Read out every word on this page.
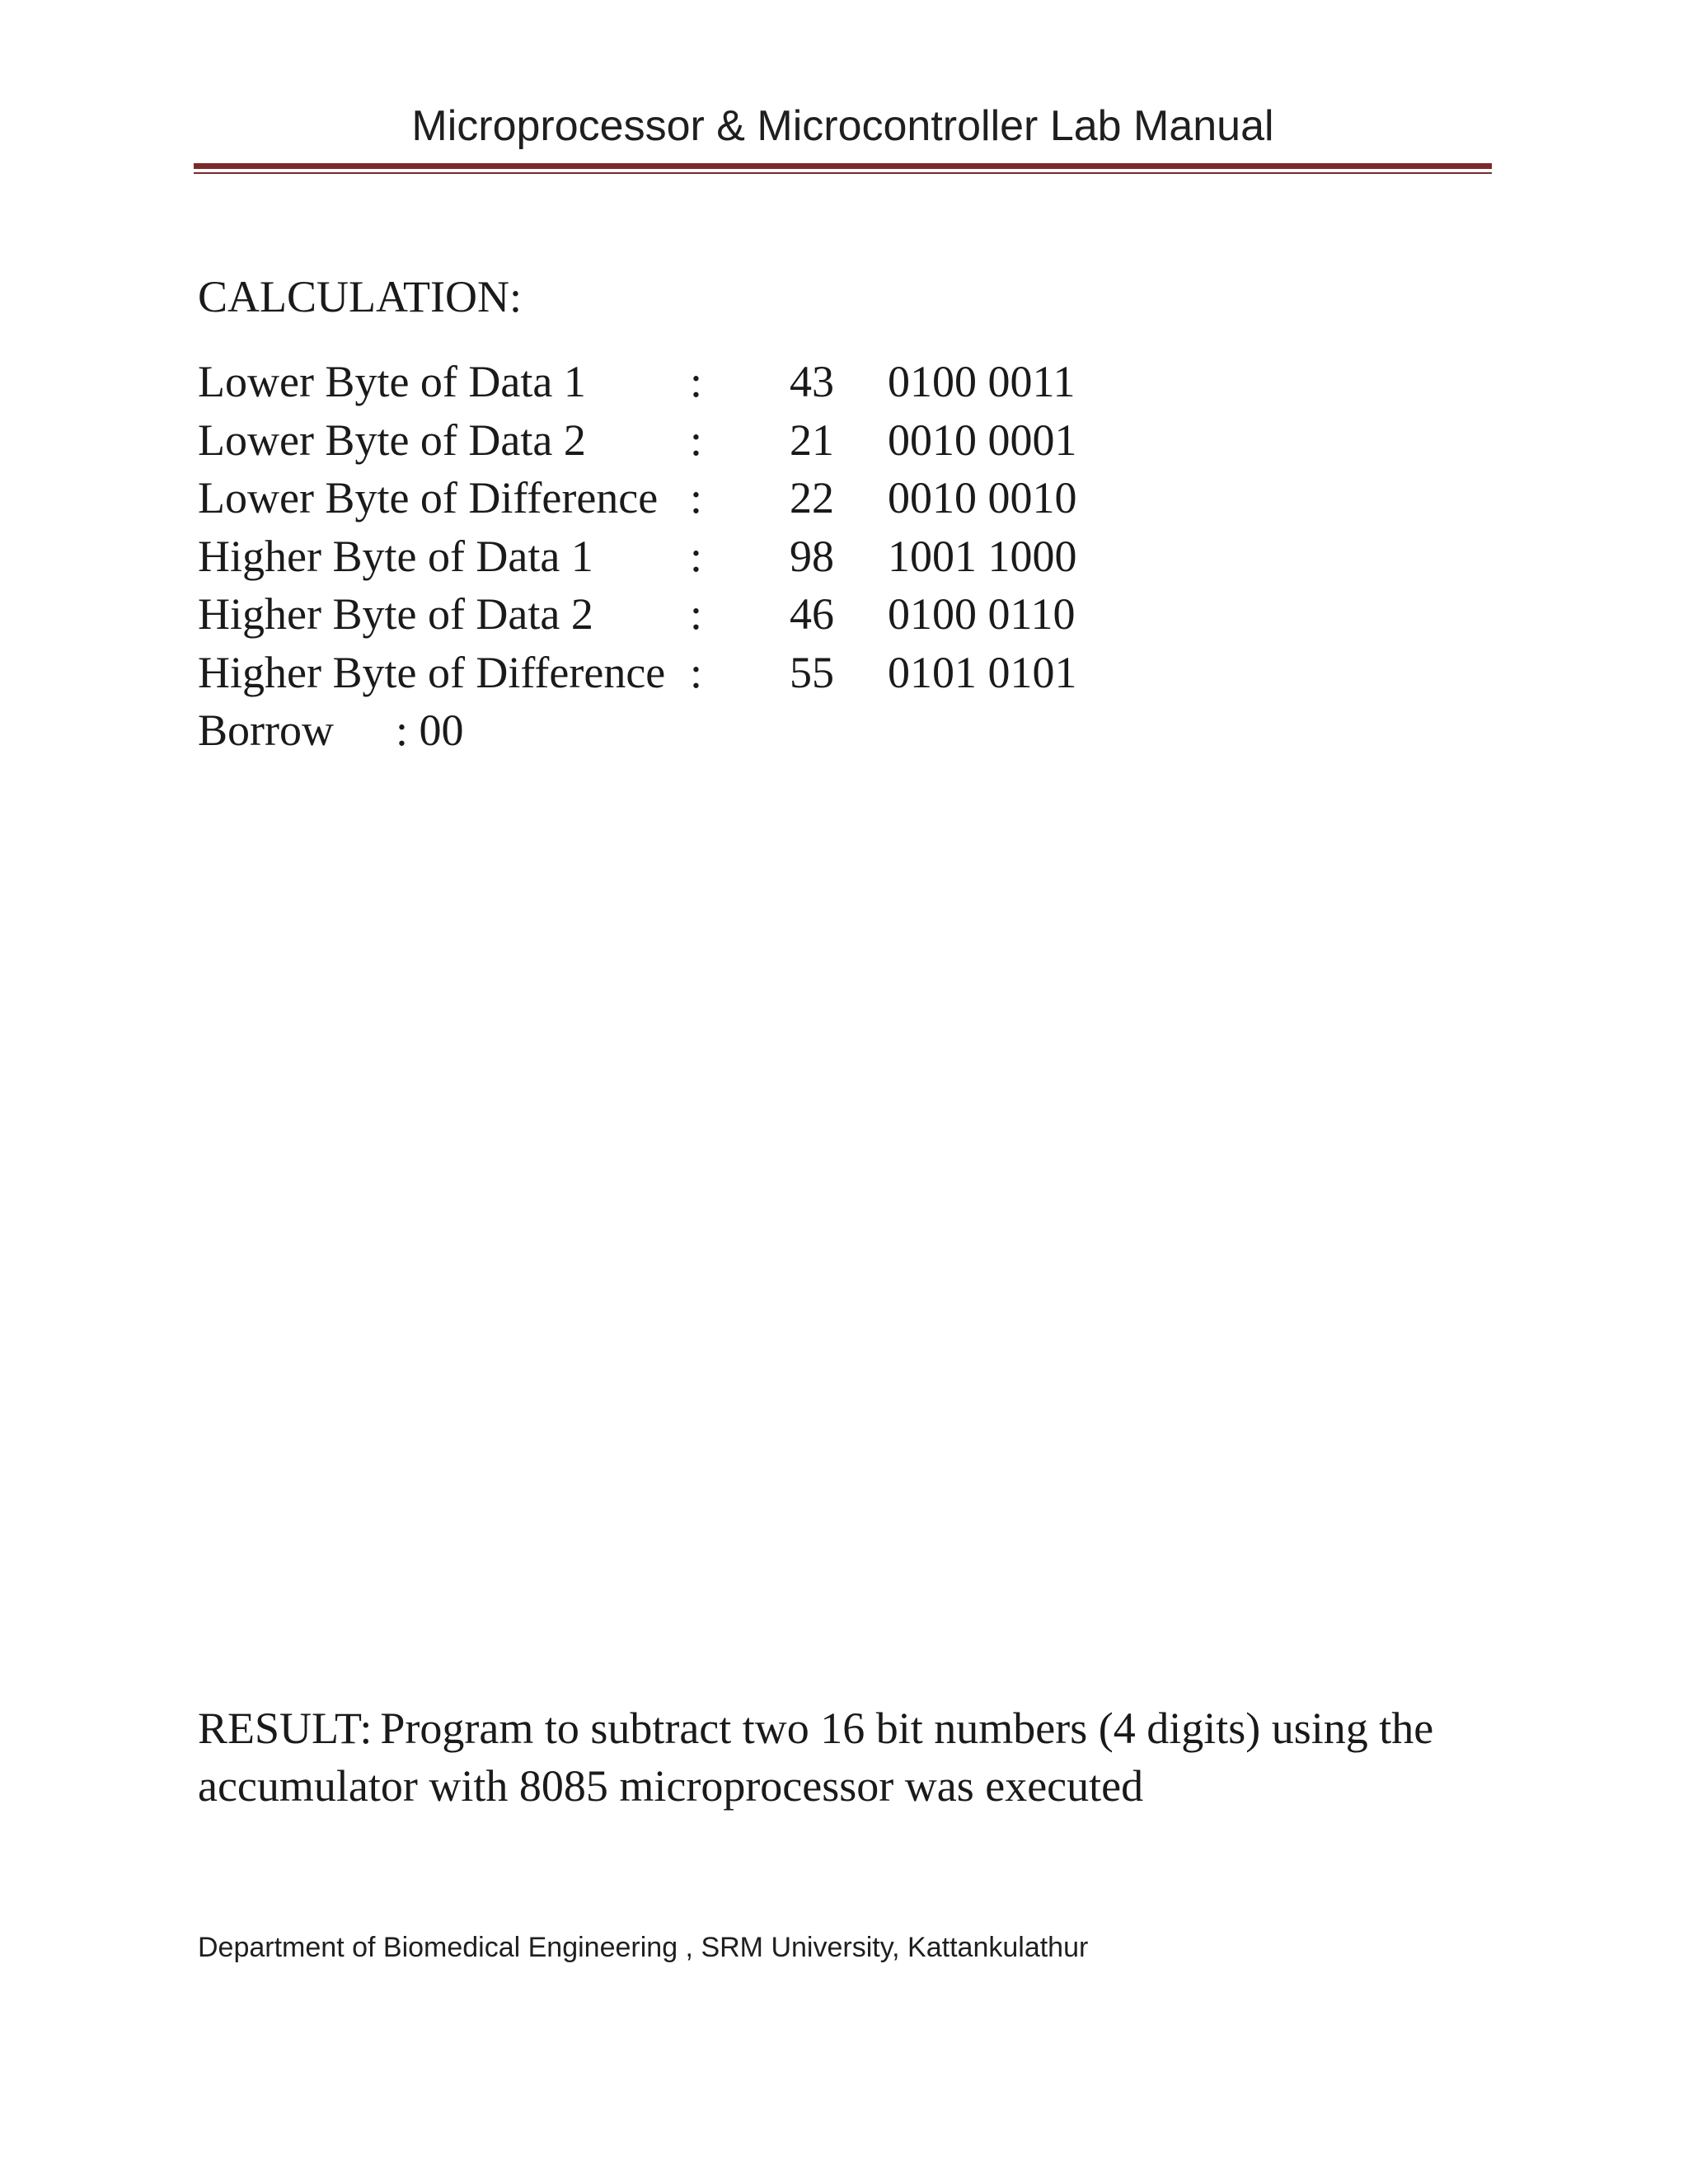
Microprocessor & Microcontroller Lab Manual
CALCULATION:
Lower Byte of Data 1 : 43 0100 0011
Lower Byte of Data 2 : 21 0010 0001
Lower Byte of Difference : 22 0010 0010
Higher Byte of Data 1 : 98 1001 1000
Higher Byte of Data 2 : 46 0100 0110
Higher Byte of Difference : 55 0101 0101
Borrow : 00
RESULT: Program to subtract two 16 bit numbers (4 digits) using the accumulator with 8085 microprocessor was executed
Department of Biomedical Engineering , SRM University, Kattankulathur
